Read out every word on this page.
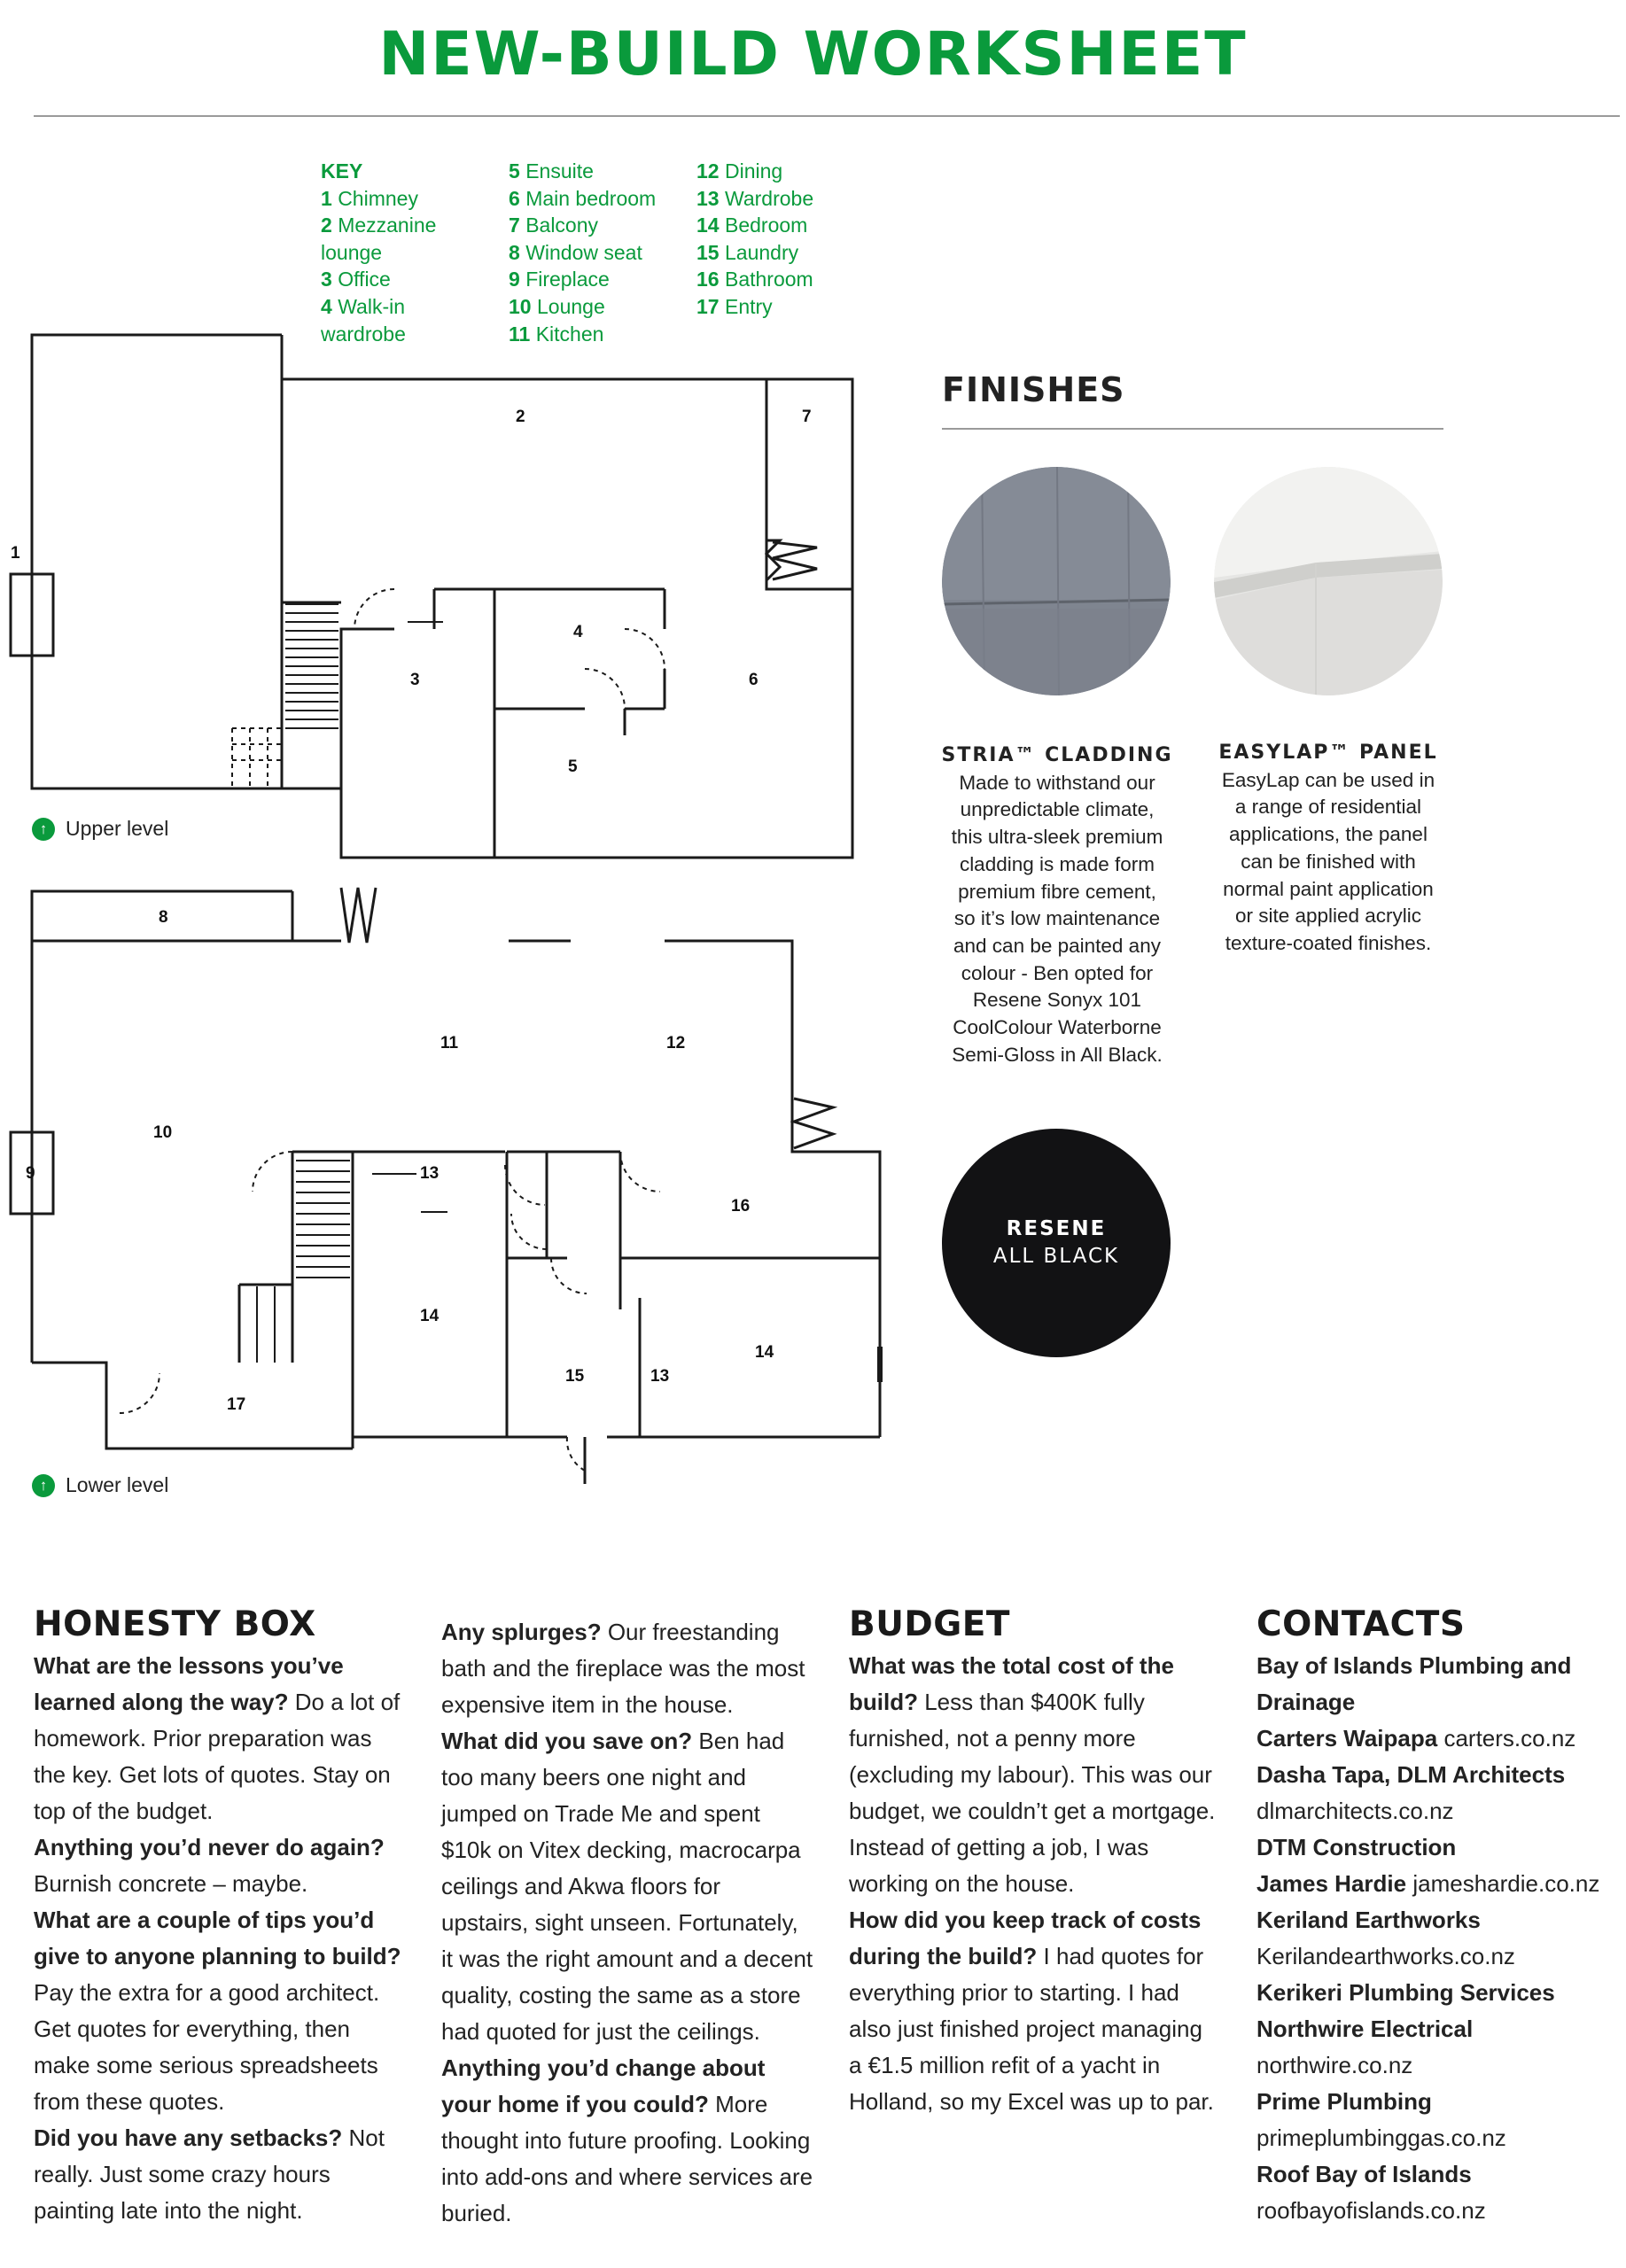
NEW-BUILD WORKSHEET
KEY
1 Chimney
2 Mezzanine
lounge
3 Office
4 Walk-in
wardrobe
5 Ensuite
6 Main bedroom
7 Balcony
8 Window seat
9 Fireplace
10 Lounge
11 Kitchen
12 Dining
13 Wardrobe
14 Bedroom
15 Laundry
16 Bathroom
17 Entry
1
2
3
4
5
6
7
8
9
10
11	12
13
13
14
14
15
16
17
↑ Upper level
↑ Lower level
FINISHES
STRIA™ CLADDING
Made to withstand our
unpredictable climate,
this ultra-sleek premium
cladding is made form
premium fibre cement,
so it’s low maintenance
and can be painted any
colour - Ben opted for
Resene Sonyx 101
CoolColour Waterborne
Semi-Gloss in All Black.
EASYLAP™ PANEL
EasyLap can be used in
a range of residential
applications, the panel
can be finished with
normal paint application
or site applied acrylic
texture-coated finishes.
RESENE
ALL BLACK
HONESTY BOX

What are the lessons you’ve learned along the way? Do a lot of homework. Prior preparation was the key. Get lots of quotes. Stay on top of the budget.

Anything you’d never do again? Burnish concrete – maybe.

What are a couple of tips you’d give to anyone planning to build? Pay the extra for a good architect. Get quotes for everything, then make some serious spreadsheets from these quotes.

Did you have any setbacks? Not really. Just some crazy hours painting late into the night.

Any splurges? Our freestanding bath and the fireplace was the most expensive item in the house.

What did you save on? Ben had too many beers one night and jumped on Trade Me and spent $10k on Vitex decking, macrocarpa ceilings and Akwa floors for upstairs, sight unseen. Fortunately, it was the right amount and a decent quality, costing the same as a store had quoted for just the ceilings.

Anything you’d change about your home if you could? More thought into future proofing. Looking into add-ons and where services are buried.

BUDGET

What was the total cost of the build? Less than $400K fully furnished, not a penny more (excluding my labour). This was our budget, we couldn’t get a mortgage. Instead of getting a job, I was working on the house.

How did you keep track of costs during the build? I had quotes for everything prior to starting. I had also just finished project managing a €1.5 million refit of a yacht in Holland, so my Excel was up to par.

CONTACTS

Bay of Islands Plumbing and Drainage

Carters Waipapa carters.co.nz

Dasha Tapa, DLM Architects dlmarchitects.co.nz

DTM Construction

James Hardie jameshardie.co.nz

Keriland Earthworks Kerilandearthworks.co.nz

Kerikeri Plumbing Services

Northwire Electrical northwire.co.nz

Prime Plumbing primeplumbinggas.co.nz

Roof Bay of Islands roofbayofislands.co.nz
